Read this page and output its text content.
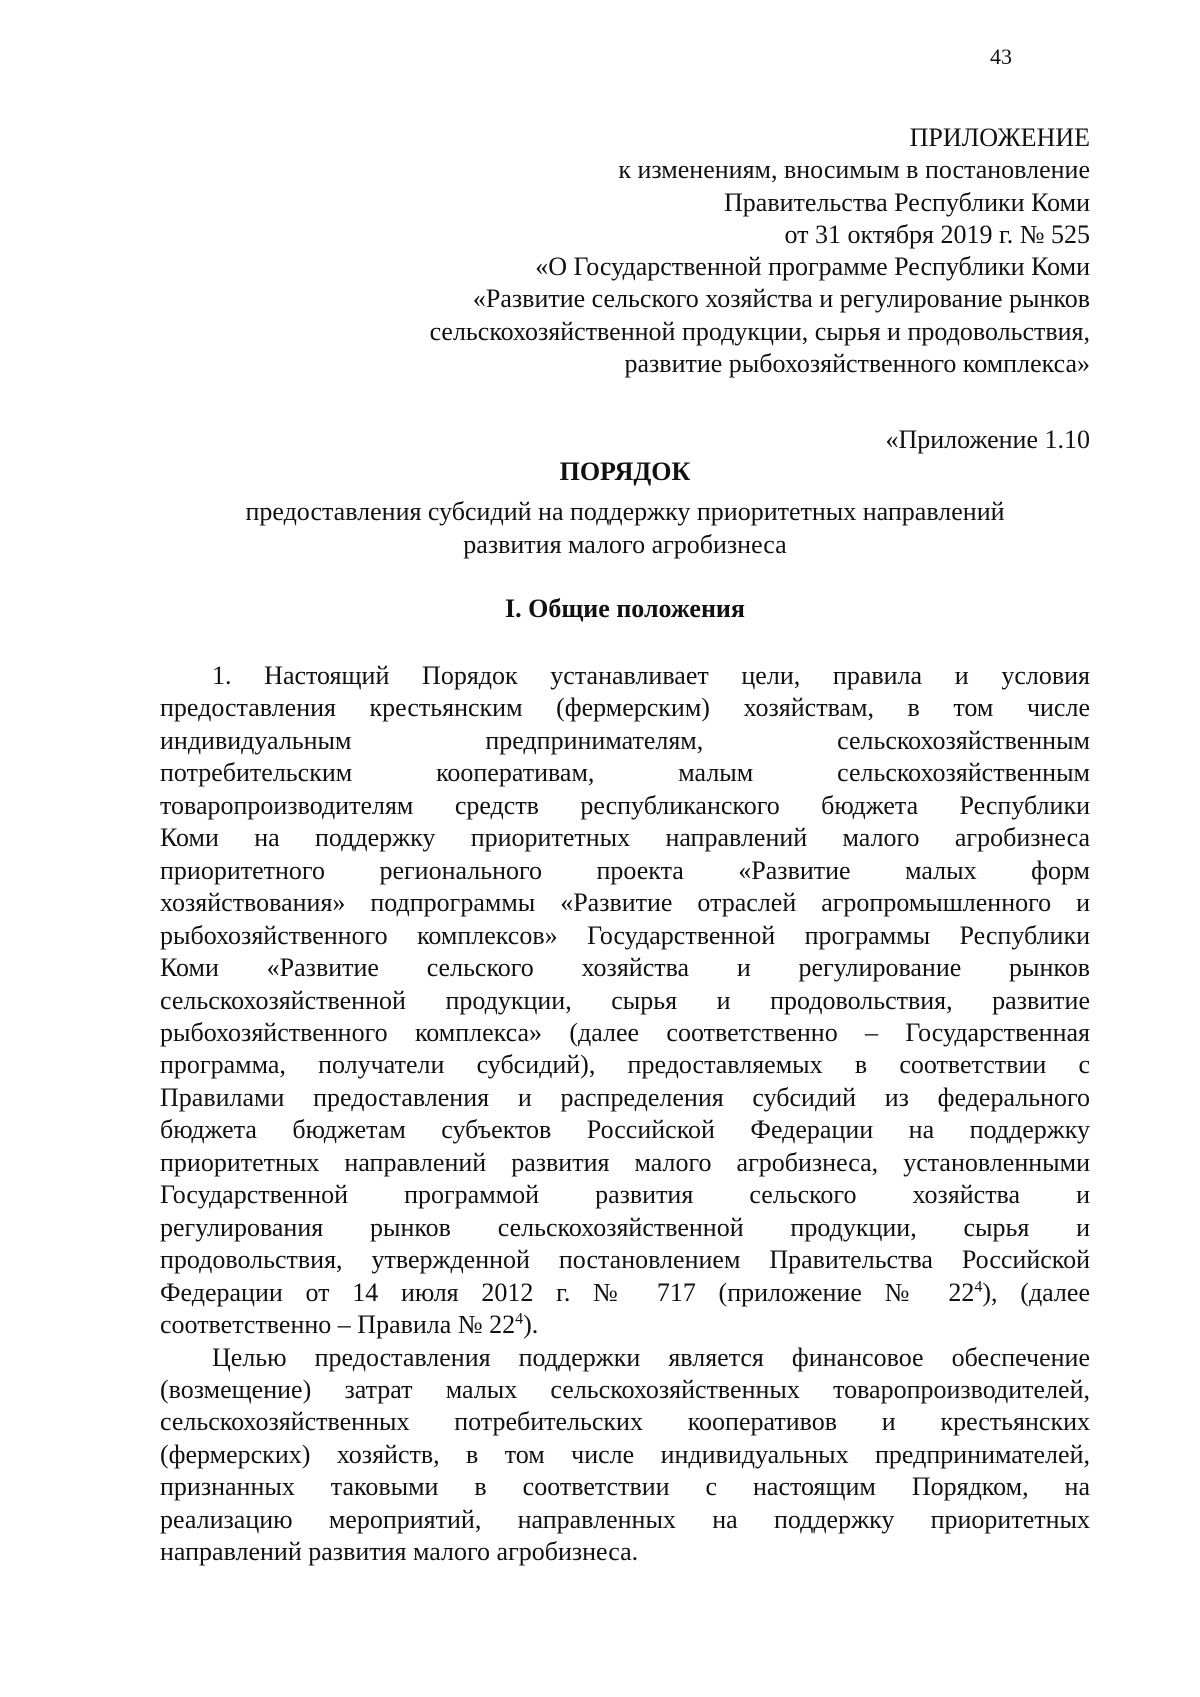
43
ПРИЛОЖЕНИЕ
к изменениям, вносимым в постановление
Правительства Республики Коми
от 31 октября 2019 г. № 525
«О Государственной программе Республики Коми
«Развитие сельского хозяйства и регулирование рынков
сельскохозяйственной продукции, сырья и продовольствия,
развитие рыбохозяйственного комплекса»
«Приложение 1.10
ПОРЯДОК
предоставления субсидий на поддержку приоритетных направлений
развития малого агробизнеса
I. Общие положения
1. Настоящий Порядок устанавливает цели, правила и условия
предоставления крестьянским (фермерским) хозяйствам, в том числе
индивидуальным предпринимателям, сельскохозяйственным
потребительским кооперативам, малым сельскохозяйственным
товаропроизводителям средств республиканского бюджета Республики
Коми на поддержку приоритетных направлений малого агробизнеса
приоритетного регионального проекта «Развитие малых форм
хозяйствования» подпрограммы «Развитие отраслей агропромышленного и
рыбохозяйственного комплексов» Государственной программы Республики
Коми «Развитие сельского хозяйства и регулирование рынков
сельскохозяйственной продукции, сырья и продовольствия, развитие
рыбохозяйственного комплекса» (далее соответственно – Государственная
программа, получатели субсидий), предоставляемых в соответствии с
Правилами предоставления и распределения субсидий из федерального
бюджета бюджетам субъектов Российской Федерации на поддержку
приоритетных направлений развития малого агробизнеса, установленными
Государственной программой развития сельского хозяйства и
регулирования рынков сельскохозяйственной продукции, сырья и
продовольствия, утвержденной постановлением Правительства Российской
Федерации от 14 июля 2012 г. № 717 (приложение № $22^4$), (далее
соответственно – Правила № $22^4$).
Целью предоставления поддержки является финансовое обеспечение
(возмещение) затрат малых сельскохозяйственных товаропроизводителей,
сельскохозяйственных потребительских кооперативов и крестьянских
(фермерских) хозяйств, в том числе индивидуальных предпринимателей,
признанных таковыми в соответствии с настоящим Порядком, на
реализацию мероприятий, направленных на поддержку приоритетных
направлений развития малого агробизнеса.
